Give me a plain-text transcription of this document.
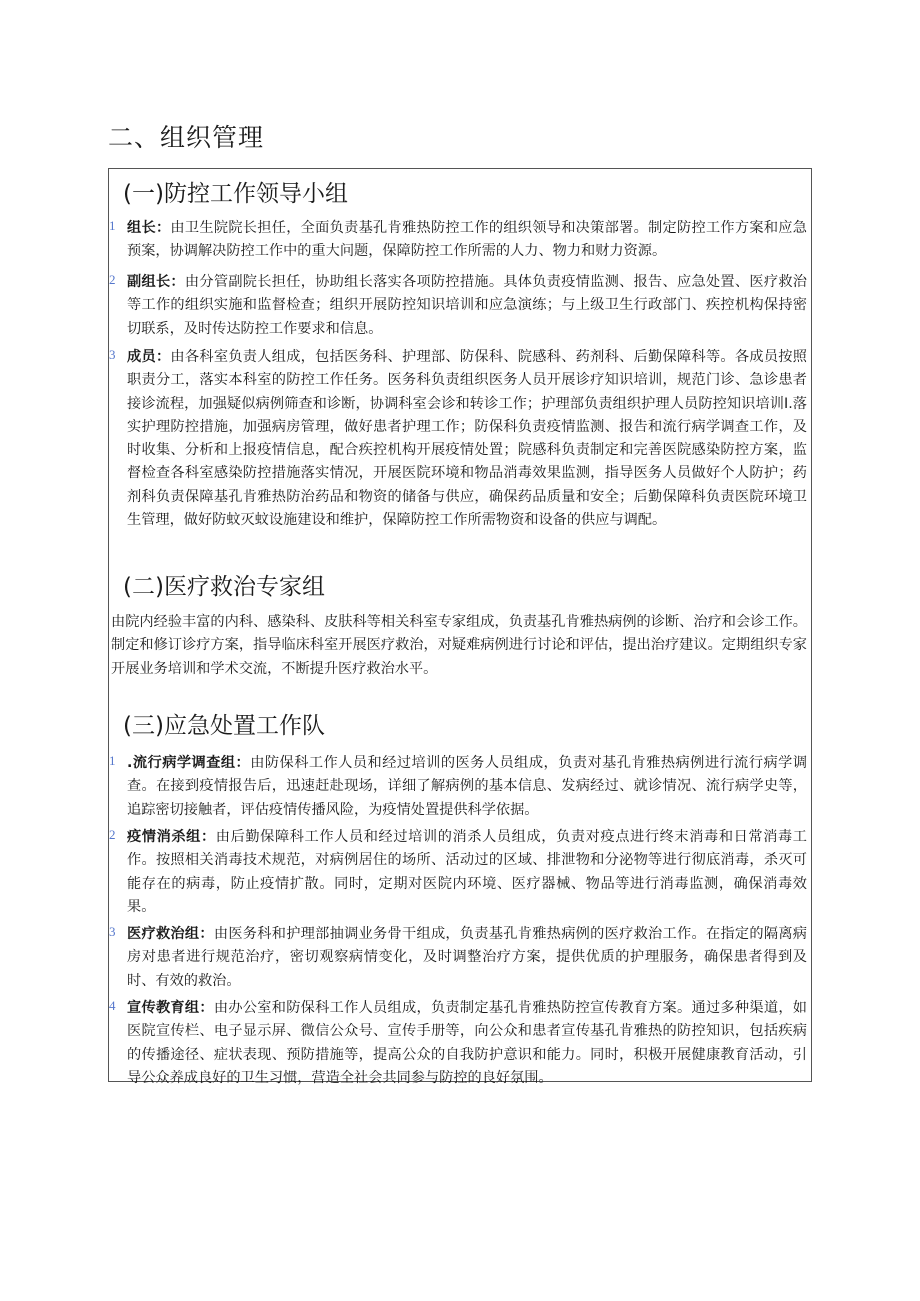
二、组织管理
(一)防控工作领导小组
1 组长：由卫生院院长担任，全面负责基孔肯雅热防控工作的组织领导和决策部署。制定防控工作方案和应急预案，协调解决防控工作中的重大问题，保障防控工作所需的人力、物力和财力资源。

2 副组长：由分管副院长担任，协助组长落实各项防控措施。具体负责疫情监测、报告、应急处置、医疗救治等工作的组织实施和监督检查；组织开展防控知识培训和应急演练；与上级卫生行政部门、疾控机构保持密切联系，及时传达防控工作要求和信息。

3 成员：由各科室负责人组成，包括医务科、护理部、防保科、院感科、药剂科、后勤保障科等。各成员按照职责分工，落实本科室的防控工作任务。医务科负责组织医务人员开展诊疗知识培训，规范门诊、急诊患者接诊流程，加强疑似病例筛查和诊断，协调科室会诊和转诊工作；护理部负责组织护理人员防控知识培训I.落实护理防控措施，加强病房管理，做好患者护理工作；防保科负责疫情监测、报告和流行病学调查工作，及时收集、分析和上报疫情信息，配合疾控机构开展疫情处置；院感科负责制定和完善医院感染防控方案，监督检查各科室感染防控措施落实情况，开展医院环境和物品消毒效果监测，指导医务人员做好个人防护；药剂科负责保障基孔肯雅热防治药品和物资的储备与供应，确保药品质量和安全；后勤保障科负责医院环境卫生管理，做好防蚊灭蚊设施建设和维护，保障防控工作所需物资和设备的供应与调配。

(二)医疗救治专家组

由院内经验丰富的内科、感染科、皮肤科等相关科室专家组成，负责基孔肯雅热病例的诊断、治疗和会诊工作。制定和修订诊疗方案，指导临床科室开展医疗救治，对疑难病例进行讨论和评估，提出治疗建议。定期组织专家开展业务培训和学术交流，不断提升医疗救治水平。

(三)应急处置工作队
1 .流行病学调查组：由防保科工作人员和经过培训的医务人员组成，负责对基孔肯雅热病例进行流行病学调查。在接到疫情报告后，迅速赶赴现场，详细了解病例的基本信息、发病经过、就诊情况、流行病学史等，追踪密切接触者，评估疫情传播风险，为疫情处置提供科学依据。

2 疫情消杀组：由后勤保障科工作人员和经过培训的消杀人员组成，负责对疫点进行终末消毒和日常消毒工作。按照相关消毒技术规范，对病例居住的场所、活动过的区域、排泄物和分泌物等进行彻底消毒，杀灭可能存在的病毒，防止疫情扩散。同时，定期对医院内环境、医疗器械、物品等进行消毒监测，确保消毒效果。

3 医疗救治组：由医务科和护理部抽调业务骨干组成，负责基孔肯雅热病例的医疗救治工作。在指定的隔离病房对患者进行规范治疗，密切观察病情变化，及时调整治疗方案，提供优质的护理服务，确保患者得到及时、有效的救治。

4 宣传教育组：由办公室和防保科工作人员组成，负责制定基孔肯雅热防控宣传教育方案。通过多种渠道，如医院宣传栏、电子显示屏、微信公众号、宣传手册等，向公众和患者宣传基孔肯雅热的防控知识，包括疾病的传播途径、症状表现、预防措施等，提高公众的自我防护意识和能力。同时，积极开展健康教育活动，引导公众养成良好的卫生习惯，营造全社会共同参与防控的良好氛围。
